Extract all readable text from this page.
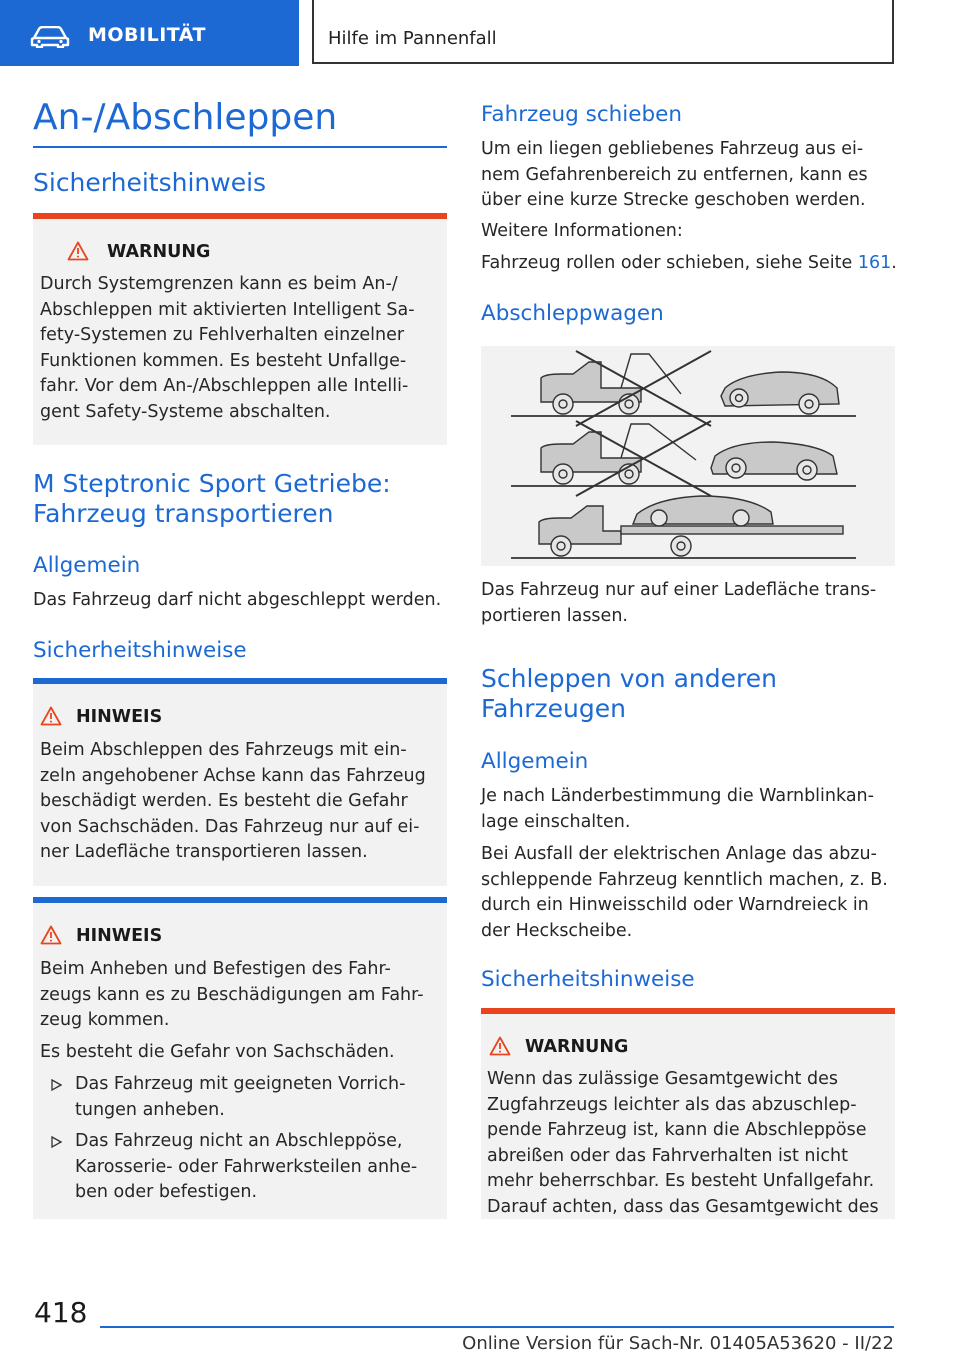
MOBILITÄT	Hilfe im Pannenfall
An-/Abschleppen
Sicherheitshinweis
WARNUNG
Durch Systemgrenzen kann es beim An-/
Abschleppen mit aktivierten Intelligent Sa-
fety-Systemen zu Fehlverhalten einzelner
Funktionen kommen. Es besteht Unfallge-
fahr. Vor dem An-/Abschleppen alle Intelli-
gent Safety-Systeme abschalten.
M Steptronic Sport Getriebe:
Fahrzeug transportieren
Allgemein
Das Fahrzeug darf nicht abgeschleppt werden.
Sicherheitshinweise
HINWEIS
Beim Abschleppen des Fahrzeugs mit ein-
zeln angehobener Achse kann das Fahrzeug
beschädigt werden. Es besteht die Gefahr
von Sachschäden. Das Fahrzeug nur auf ei-
ner Ladefläche transportieren lassen.
HINWEIS
Beim Anheben und Befestigen des Fahr-
zeugs kann es zu Beschädigungen am Fahr-
zeug kommen.
Es besteht die Gefahr von Sachschäden.
Das Fahrzeug mit geeigneten Vorrich-
tungen anheben.
Das Fahrzeug nicht an Abschleppöse,
Karosserie- oder Fahrwerksteilen anhe-
ben oder befestigen.
Fahrzeug schieben
Um ein liegen gebliebenes Fahrzeug aus ei-
nem Gefahrenbereich zu entfernen, kann es
über eine kurze Strecke geschoben werden.
Weitere Informationen:
Fahrzeug rollen oder schieben, siehe Seite 161.
Abschleppwagen
Das Fahrzeug nur auf einer Ladefläche trans-
portieren lassen.
Schleppen von anderen
Fahrzeugen
Allgemein
Je nach Länderbestimmung die Warnblinkan-
lage einschalten.
Bei Ausfall der elektrischen Anlage das abzu-
schleppende Fahrzeug kenntlich machen, z. B.
durch ein Hinweisschild oder Warndreieck in
der Heckscheibe.
Sicherheitshinweise
WARNUNG
Wenn das zulässige Gesamtgewicht des
Zugfahrzeugs leichter als das abzuschlep-
pende Fahrzeug ist, kann die Abschleppöse
abreißen oder das Fahrverhalten ist nicht
mehr beherrschbar. Es besteht Unfallgefahr.
Darauf achten, dass das Gesamtgewicht des
418
Online Version für Sach-Nr. 01405A53620 - II/22
